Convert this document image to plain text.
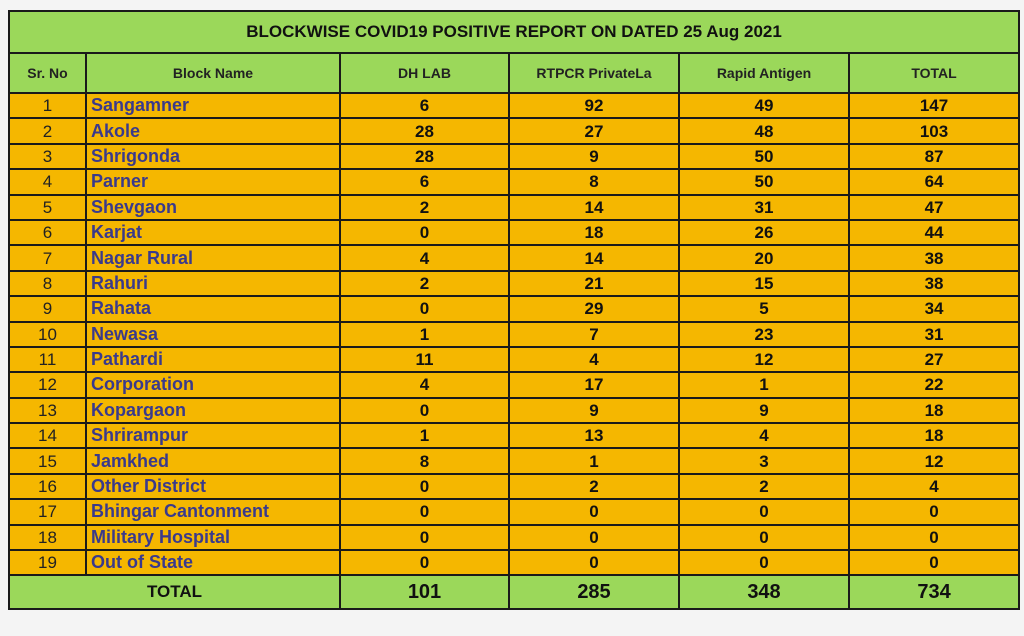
BLOCKWISE COVID19 POSITIVE REPORT ON DATED 25 Aug 2021					
Sr. No	Block Name	DH LAB	RTPCR PrivateLa	Rapid Antigen	TOTAL
1	Sangamner	6	92	49	147
2	Akole	28	27	48	103
3	Shrigonda	28	9	50	87
4	Parner	6	8	50	64
5	Shevgaon	2	14	31	47
6	Karjat	0	18	26	44
7	Nagar Rural	4	14	20	38
8	Rahuri	2	21	15	38
9	Rahata	0	29	5	34
10	Newasa	1	7	23	31
11	Pathardi	11	4	12	27
12	Corporation	4	17	1	22
13	Kopargaon	0	9	9	18
14	Shrirampur	1	13	4	18
15	Jamkhed	8	1	3	12
16	Other District	0	2	2	4
17	Bhingar Cantonment	0	0	0	0
18	Military Hospital	0	0	0	0
19	Out of State	0	0	0	0
TOTAL		101	285	348	734
